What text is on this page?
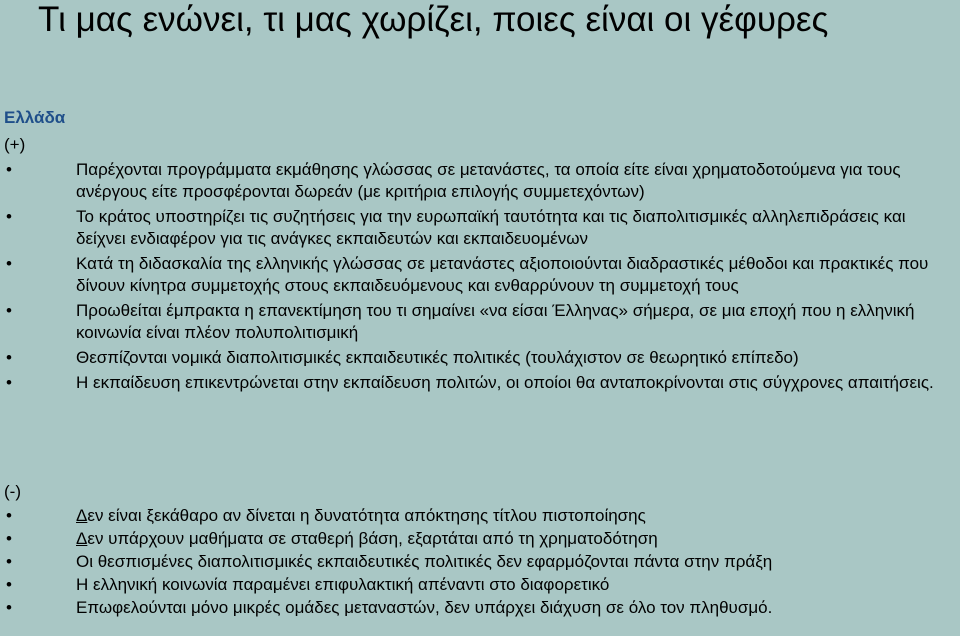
Τι μας ενώνει, τι μας χωρίζει, ποιες είναι οι γέφυρες
Ελλάδα
(+)
•	Παρέχονται προγράμματα εκμάθησης γλώσσας σε μετανάστες, τα οποία είτε είναι χρηματοδοτούμενα για τους ανέργους είτε προσφέρονται δωρεάν (με κριτήρια επιλογής συμμετεχόντων)
•	Το κράτος υποστηρίζει τις συζητήσεις για την ευρωπαϊκή ταυτότητα και τις διαπολιτισμικές αλληλεπιδράσεις και δείχνει ενδιαφέρον για τις ανάγκες εκπαιδευτών και εκπαιδευομένων
•	Κατά τη διδασκαλία της ελληνικής γλώσσας σε μετανάστες αξιοποιούνται διαδραστικές μέθοδοι και πρακτικές που δίνουν κίνητρα συμμετοχής στους εκπαιδευόμενους και ενθαρρύνουν τη συμμετοχή τους
•	Προωθείται έμπρακτα η επανεκτίμηση του τι σημαίνει «να είσαι Έλληνας» σήμερα, σε μια εποχή που η ελληνική κοινωνία είναι πλέον πολυπολιτισμική
•	Θεσπίζονται νομικά διαπολιτισμικές εκπαιδευτικές πολιτικές (τουλάχιστον σε θεωρητικό επίπεδο)
•	Η εκπαίδευση επικεντρώνεται στην εκπαίδευση πολιτών, οι οποίοι θα ανταποκρίνονται στις σύγχρονες απαιτήσεις.
(-)
•	Δεν είναι ξεκάθαρο αν δίνεται η δυνατότητα απόκτησης τίτλου πιστοποίησης
•	Δεν υπάρχουν μαθήματα σε σταθερή βάση, εξαρτάται από τη χρηματοδότηση
•	Οι θεσπισμένες διαπολιτισμικές εκπαιδευτικές πολιτικές δεν εφαρμόζονται πάντα στην πράξη
•	Η ελληνική κοινωνία παραμένει επιφυλακτική απέναντι στο διαφορετικό
•	Επωφελούνται μόνο μικρές ομάδες μεταναστών, δεν υπάρχει διάχυση σε όλο τον πληθυσμό.
